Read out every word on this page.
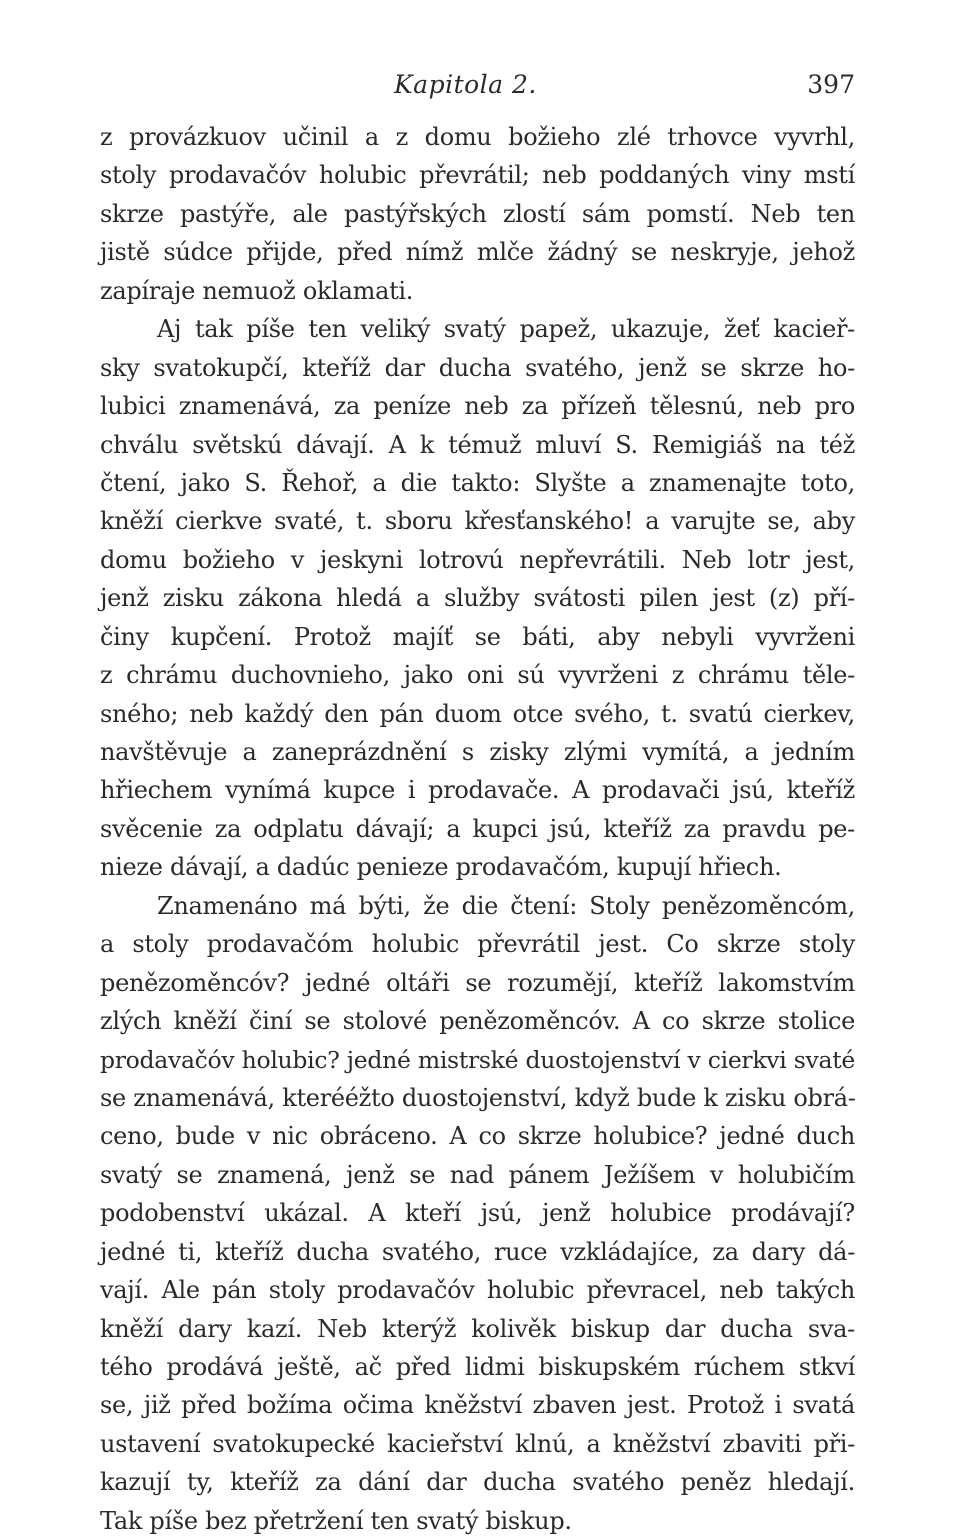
Kapitola 2.	397
z provázkuov učinil a z domu božieho zlé trhovce vyvrhl,
stoly prodavačóv holubic převrátil; neb poddaných viny mstí
skrze pastýře, ale pastýřských zlostí sám pomstí. Neb ten
jistě súdce přijde, před nímž mlče žádný se neskryje, jehož
zapíraje nemuož oklamati.
Aj tak píše ten veliký svatý papež, ukazuje, žeť kacieř-
sky svatokupčí, kteříž dar ducha svatého, jenž se skrze ho-
lubici znamenává, za peníze neb za přízeň tělesnú, neb pro
chválu světskú dávají. A k témuž mluví S. Remigiáš na též
čtení, jako S. Řehoř, a die takto: Slyšte a znamenajte toto,
kněží cierkve svaté, t. sboru křesťanského! a varujte se, aby
domu božieho v jeskyni lotrovú nepřevrátili. Neb lotr jest,
jenž zisku zákona hledá a služby svátosti pilen jest (z) pří-
činy kupčení. Protož majíť se báti, aby nebyli vyvrženi
z chrámu duchovnieho, jako oni sú vyvrženi z chrámu těle-
sného; neb každý den pán duom otce svého, t. svatú cierkev,
navštěvuje a zaneprázdnění s zisky zlými vymítá, a jedním
hřiechem vynímá kupce i prodavače. A prodavači jsú, kteříž
svěcenie za odplatu dávají; a kupci jsú, kteříž za pravdu pe-
nieze dávají, a dadúc penieze prodavačóm, kupují hřiech.
Znamenáno má býti, že die čtení: Stoly penězoměncóm,
a stoly prodavačóm holubic převrátil jest. Co skrze stoly
penězoměncóv? jedné oltáři se rozumějí, kteříž lakomstvím
zlých kněží činí se stolové penězoměncóv. A co skrze stolice
prodavačóv holubic? jedné mistrské duostojenství v cierkvi svaté
se znamenává, kterééžto duostojenství, když bude k zisku obrá-
ceno, bude v nic obráceno. A co skrze holubice? jedné duch
svatý se znamená, jenž se nad pánem Ježíšem v holubičím
podobenství ukázal. A kteří jsú, jenž holubice prodávají?
jedné ti, kteříž ducha svatého, ruce vzkládajíce, za dary dá-
vají. Ale pán stoly prodavačóv holubic převracel, neb takých
kněží dary kazí. Neb kterýž kolivěk biskup dar ducha sva-
tého prodává ještě, ač před lidmi biskupském rúchem stkví
se, již před božíma očima kněžství zbaven jest. Protož i svatá
ustavení svatokupecké kacieřství klnú, a kněžství zbaviti při-
kazují ty, kteříž za dání dar ducha svatého peněz hledají.
Tak píše bez přetržení ten svatý biskup.
